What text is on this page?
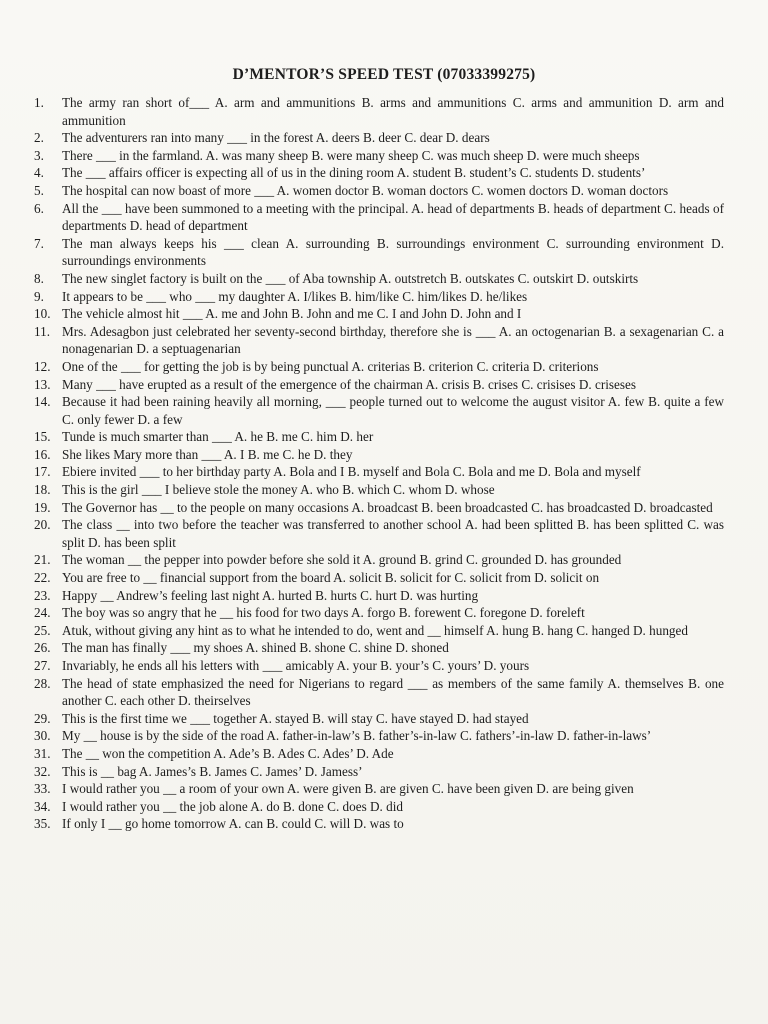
D’MENTOR’S SPEED TEST (07033399275)
1.	The army ran short of___ A. arm and ammunitions B. arms and ammunitions C. arms and ammunition D. arm and ammunition
2.	The adventurers ran into many ___ in the forest A. deers B. deer C. dear D. dears
3.	There ___ in the farmland. A. was many sheep B. were many sheep C. was much sheep D. were much sheeps
4.	The ___ affairs officer is expecting all of us in the dining room A. student B. student’s C. students D. students’
5.	The hospital can now boast of more ___ A. women doctor B. woman doctors C. women doctors D. woman doctors
6.	All the ___ have been summoned to a meeting with the principal. A. head of departments B. heads of department C. heads of departments D. head of department
7.	The man always keeps his ___ clean A. surrounding B. surroundings environment C. surrounding environment D. surroundings environments
8.	The new singlet factory is built on the ___ of Aba township A. outstretch B. outskates C. outskirt D. outskirts
9.	It appears to be ___ who ___ my daughter A. I/likes B. him/like C. him/likes D. he/likes
10. The vehicle almost hit ___ A. me and John B. John and me C. I and John D. John and I
11. Mrs. Adesagbon just celebrated her seventy-second birthday, therefore she is ___ A. an octogenarian B. a sexagenarian C. a nonagenarian D. a septuagenarian
12. One of the ___ for getting the job is by being punctual A. criterias B. criterion C. criteria D. criterions
13. Many ___ have erupted as a result of the emergence of the chairman A. crisis B. crises C. crisises D. criseses
14. Because it had been raining heavily all morning, ___ people turned out to welcome the august visitor A. few B. quite a few C. only fewer D. a few
15. Tunde is much smarter than ___ A. he B. me C. him D. her
16. She likes Mary more than ___ A. I B. me C. he D. they
17. Ebiere invited ___ to her birthday party A. Bola and I B. myself and Bola C. Bola and me D. Bola and myself
18. This is the girl ___ I believe stole the money A. who B. which C. whom D. whose
19. The Governor has __ to the people on many occasions A. broadcast B. been broadcasted C. has broadcasted D. broadcasted
20. The class __ into two before the teacher was transferred to another school A. had been splitted B. has been splitted C. was split D. has been split
21. The woman __ the pepper into powder before she sold it A. ground B. grind C. grounded D. has grounded
22. You are free to __ financial support from the board A. solicit B. solicit for C. solicit from D. solicit on
23. Happy __ Andrew’s feeling last night A. hurted B. hurts C. hurt D. was hurting
24. The boy was so angry that he __ his food for two days A. forgo B. forewent C. foregone D. foreleft
25. Atuk, without giving any hint as to what he intended to do, went and __ himself A. hung B. hang C. hanged D. hunged
26. The man has finally ___ my shoes A. shined B. shone C. shine D. shoned
27. Invariably, he ends all his letters with ___ amicably A. your B. your’s C. yours’ D. yours
28. The head of state emphasized the need for Nigerians to regard ___ as members of the same family A. themselves B. one another C. each other D. theirselves
29. This is the first time we ___ together A. stayed B. will stay C. have stayed D. had stayed
30. My __ house is by the side of the road A. father-in-law’s B. father’s-in-law C. fathers’-in-law D. father-in-laws’
31. The __ won the competition A. Ade’s B. Ades C. Ades’ D. Ade
32. This is __ bag A. James’s B. James C. James’ D. Jamess’
33. I would rather you __ a room of your own A. were given B. are given C. have been given D. are being given
34. I would rather you __ the job alone A. do B. done C. does D. did
35. If only I __ go home tomorrow A. can B. could C. will D. was to
